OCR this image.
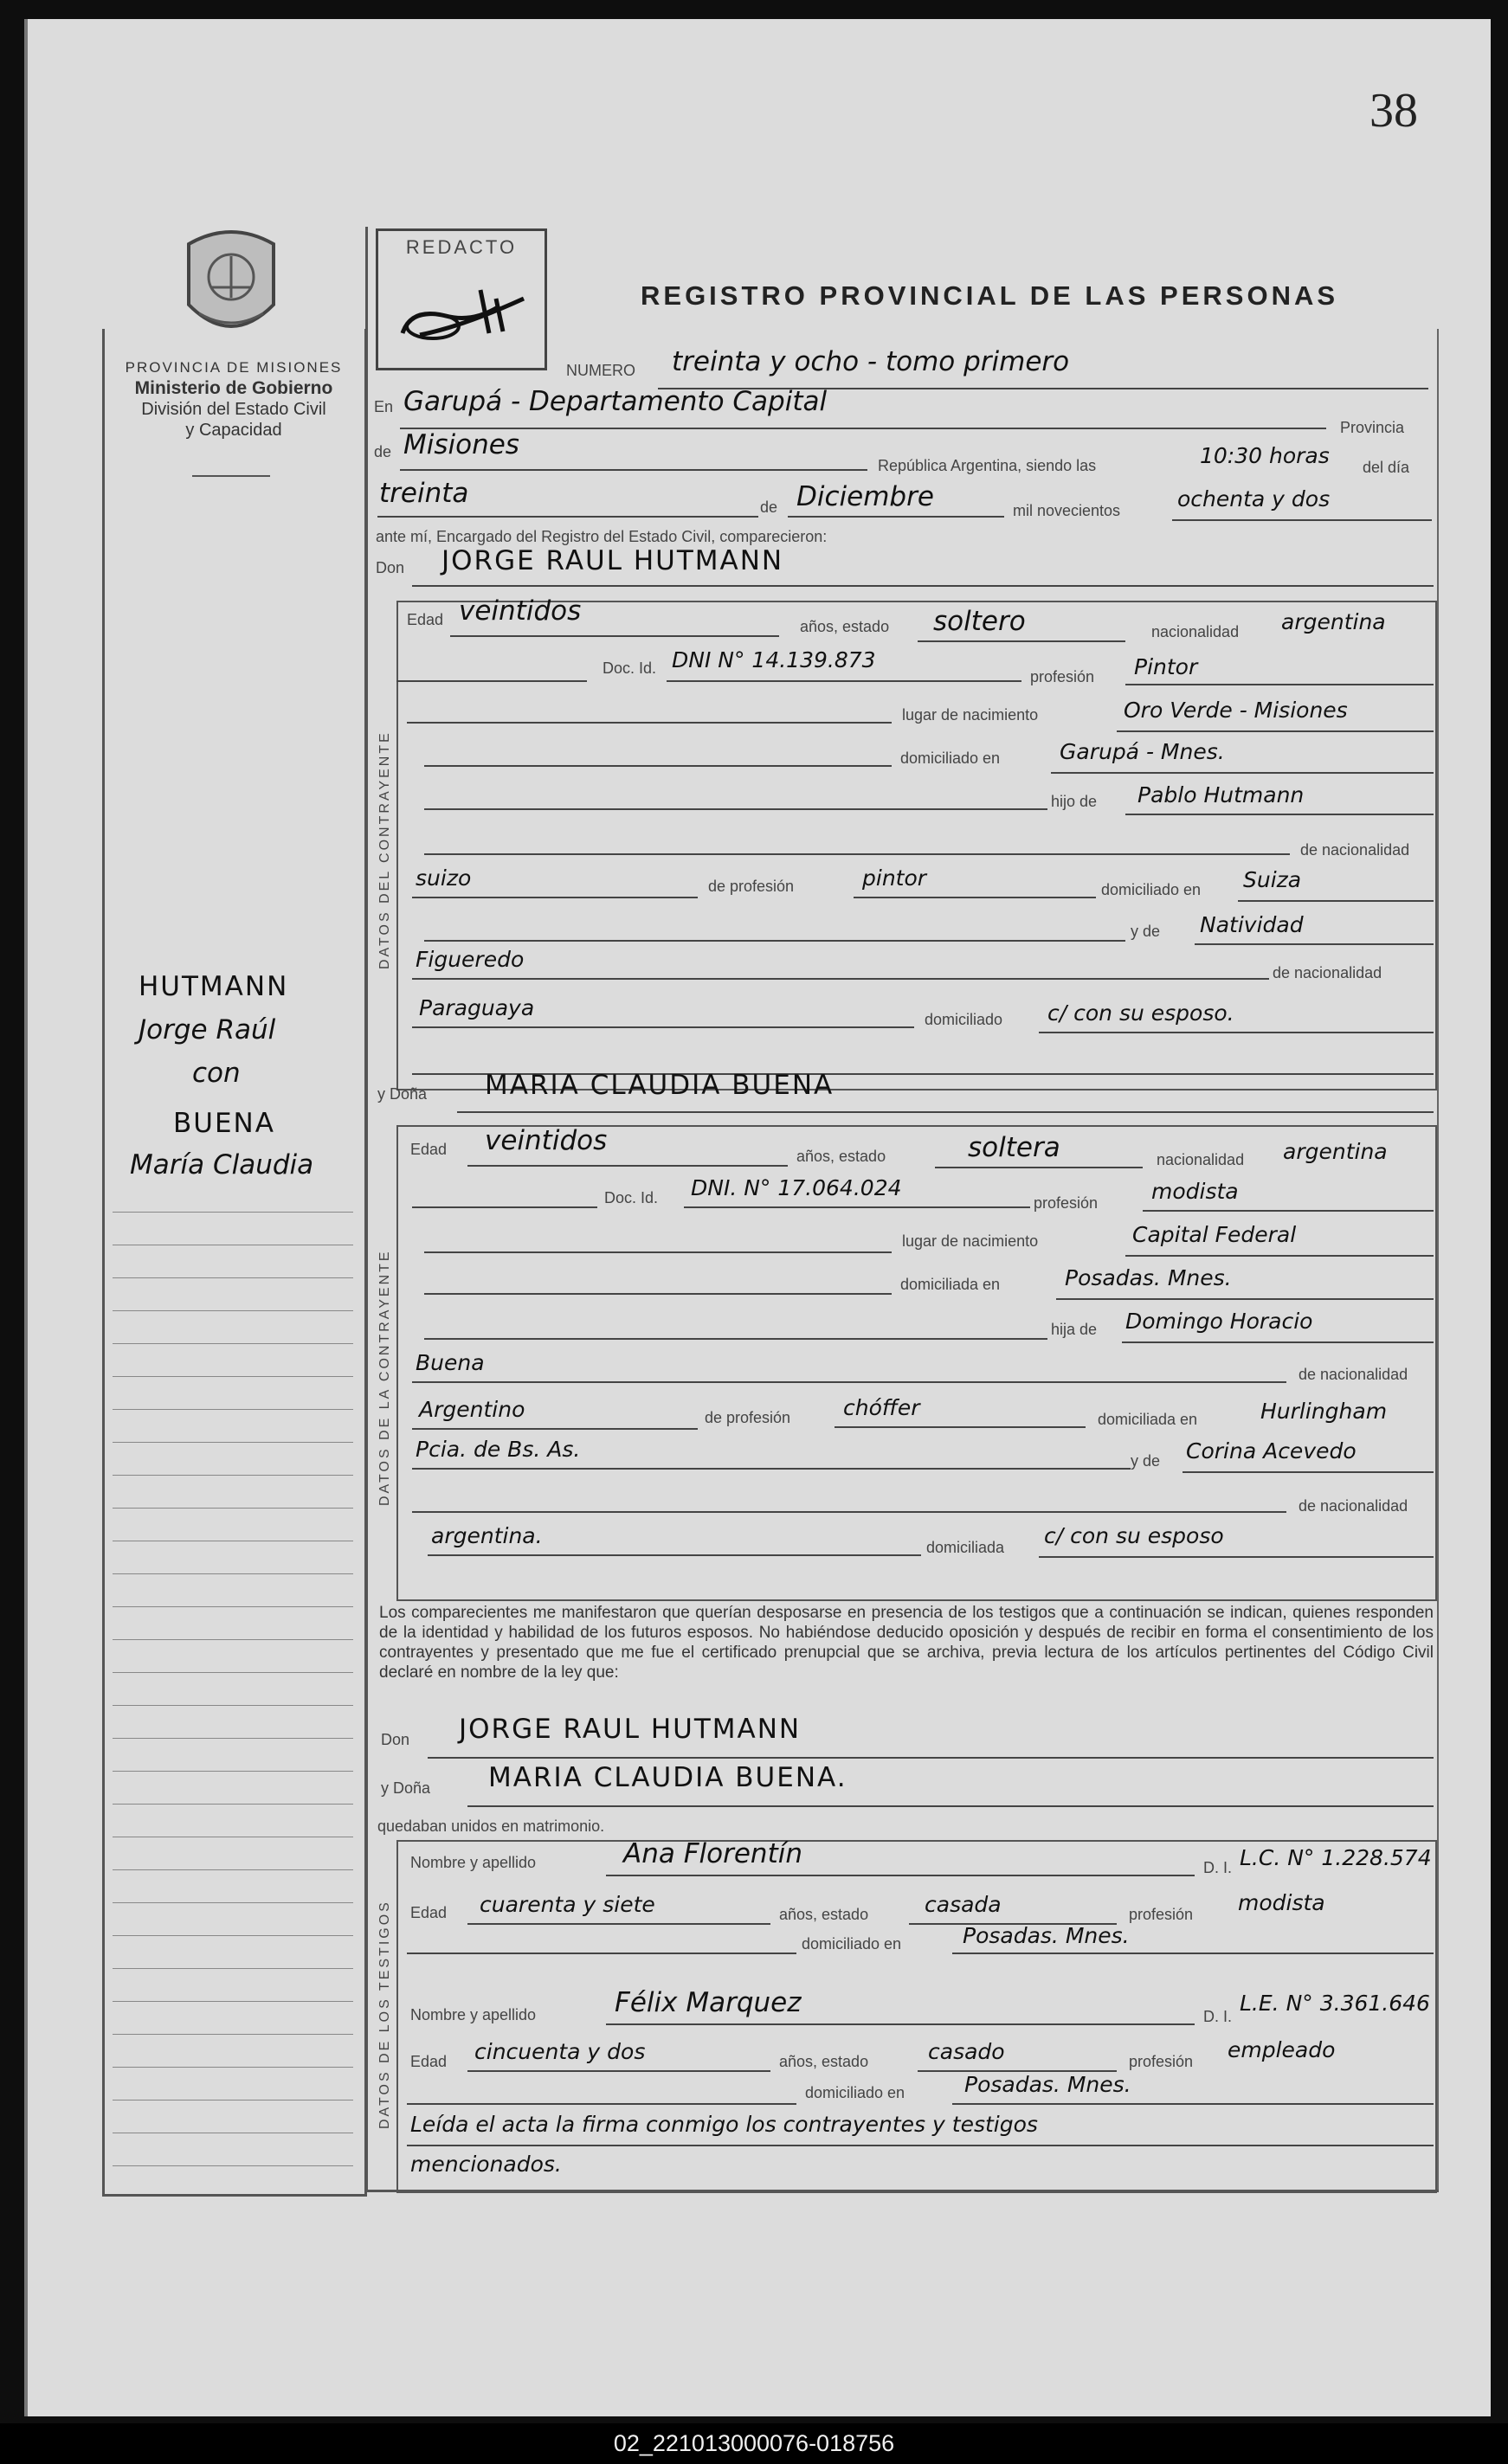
38
PROVINCIA DE MISIONES
Ministerio de Gobierno
División del Estado Civil
y Capacidad
REDACTO
REGISTRO PROVINCIAL DE LAS PERSONAS
HUTMANN
Jorge Raúl
con
BUENA
María Claudia
NUMERO treinta y ocho - tomo primero
En Garupá - Departamento Capital
Provincia
de Misiones
República Argentina, siendo las	10:30 horas del día
treinta	de Diciembre	mil novecientos	ochenta y dos
ante mí, Encargado del Registro del Estado Civil, comparecieron:
Don JORGE RAUL HUTMANN
DATOS DEL CONTRAYENTE
Edad veintidos	años, estado soltero	nacionalidad argentina
Doc. Id. DNI N° 14.139.873
profesión Pintor
lugar de nacimiento	Oro Verde - Misiones
domiciliado en	Garupá - Mnes.
hijo de Pablo Hutmann
de nacionalidad
suizo	de profesión	pintor	domiciliado en Suiza
y de Natividad
Figueredo
de nacionalidad
Paraguaya	domiciliado c/ con su esposo.
y Doña MARIA CLAUDIA BUENA
DATOS DE LA CONTRAYENTE
Edad veintidos	años, estado	soltera	nacionalidad argentina
Doc. Id. DNI. N° 17.064.024
profesión modista
lugar de nacimiento	Capital Federal
domiciliada en	Posadas. Mnes.
hija de Domingo Horacio
Buena	de nacionalidad
Argentino	de profesión chóffer	domiciliada en	Hurlingham
Pcia. de Bs. As.	y de Corina Acevedo
de nacionalidad
argentina.	domiciliada c/ con su esposo
Los comparecientes me manifestaron que querían desposarse en presencia de los testigos que a continuación se indican, quienes responden de la identidad y habilidad de los futuros esposos. No habiéndose deducido oposición y después de recibir en forma el consentimiento de los contrayentes y presentado que me fue el certificado prenupcial que se archiva, previa lectura de los artículos pertinentes del Código Civil declaré en nombre de la ley que:
Don JORGE RAUL HUTMANN
y Doña MARIA CLAUDIA BUENA.
quedaban unidos en matrimonio.
DATOS DE LOS TESTIGOS
Nombre y apellido	Ana Florentín	D. I. L.C. N° 1.228.574
Edad cuarenta y siete	años, estado	casada	profesión modista
domiciliado en	Posadas. Mnes.
Nombre y apellido	Félix Marquez	D. I.
L.E. N° 3.361.646
Edad cincuenta y dos	años, estado	casado	profesión empleado
domiciliado en	Posadas. Mnes.
Leída el acta la firma conmigo los contrayentes y testigos
mencionados.
02_221013000076-018756
